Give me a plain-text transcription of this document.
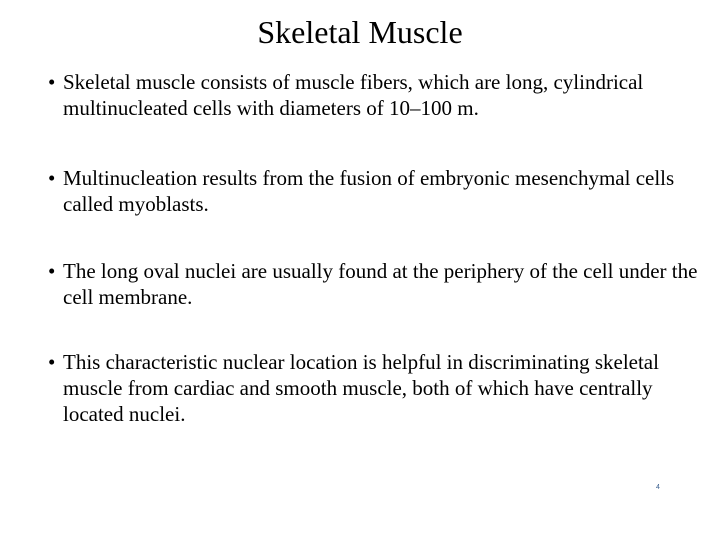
Skeletal Muscle
• Skeletal muscle consists of muscle fibers, which are long, cylindrical multinucleated cells with diameters of 10–100 m.
• Multinucleation results from the fusion of embryonic mesenchymal cells called myoblasts.
• The long oval nuclei are usually found at the periphery of the cell under the cell membrane.
• This characteristic nuclear location is helpful in discriminating skeletal muscle from cardiac and smooth muscle, both of which have centrally located nuclei.
4
